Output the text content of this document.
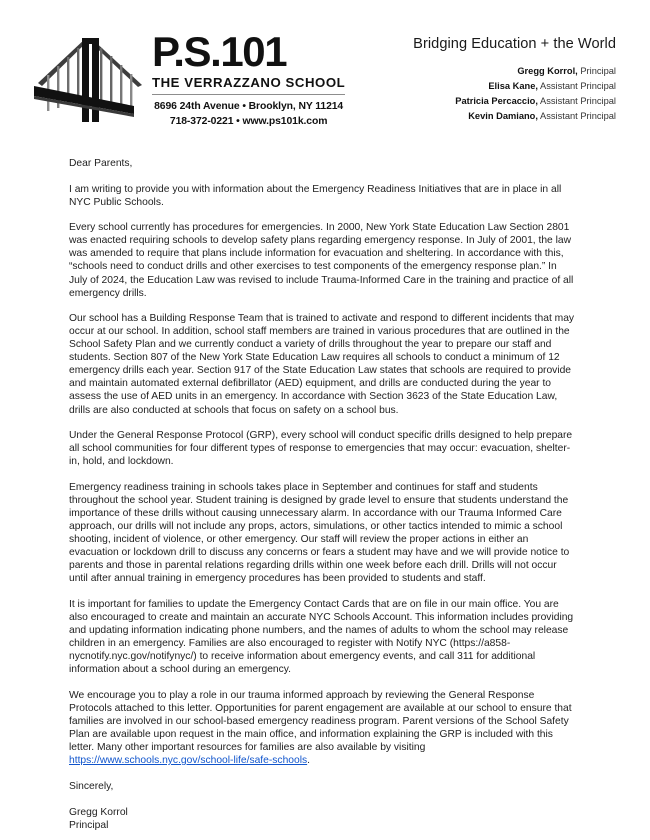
P.S.101
THE VERRAZZANO SCHOOL
8696 24th Avenue • Brooklyn, NY 11214
718-372-0221 • www.ps101k.com
Bridging Education + the World
Gregg Korrol, Principal
Elisa Kane, Assistant Principal
Patricia Percaccio, Assistant Principal
Kevin Damiano, Assistant Principal

Dear Parents,

I am writing to provide you with information about the Emergency Readiness Initiatives that are in place in all NYC Public Schools.

Every school currently has procedures for emergencies. In 2000, New York State Education Law Section 2801 was enacted requiring schools to develop safety plans regarding emergency response. In July of 2001, the law was amended to require that plans include information for evacuation and sheltering. In accordance with this, “schools need to conduct drills and other exercises to test components of the emergency response plan.” In July of 2024, the Education Law was revised to include Trauma-Informed Care in the training and practice of all emergency drills.

Our school has a Building Response Team that is trained to activate and respond to different incidents that may occur at our school. In addition, school staff members are trained in various procedures that are outlined in the School Safety Plan and we currently conduct a variety of drills throughout the year to prepare our staff and students. Section 807 of the New York State Education Law requires all schools to conduct a minimum of 12 emergency drills each year. Section 917 of the State Education Law states that schools are required to provide and maintain automated external defibrillator (AED) equipment, and drills are conducted during the year to assess the use of AED units in an emergency. In accordance with Section 3623 of the State Education Law, drills are also conducted at schools that focus on safety on a school bus.

Under the General Response Protocol (GRP), every school will conduct specific drills designed to help prepare all school communities for four different types of response to emergencies that may occur: evacuation, shelter-in, hold, and lockdown.

Emergency readiness training in schools takes place in September and continues for staff and students throughout the school year. Student training is designed by grade level to ensure that students understand the importance of these drills without causing unnecessary alarm. In accordance with our Trauma Informed Care approach, our drills will not include any props, actors, simulations, or other tactics intended to mimic a school shooting, incident of violence, or other emergency. Our staff will review the proper actions in either an evacuation or lockdown drill to discuss any concerns or fears a student may have and we will provide notice to parents and those in parental relations regarding drills within one week before each drill. Drills will not occur until after annual training in emergency procedures has been provided to students and staff.

It is important for families to update the Emergency Contact Cards that are on file in our main office. You are also encouraged to create and maintain an accurate NYC Schools Account. This information includes providing and updating information indicating phone numbers, and the names of adults to whom the school may release children in an emergency. Families are also encouraged to register with Notify NYC (https://a858-nycnotify.nyc.gov/notifynyc/) to receive information about emergency events, and call 311 for additional information about a school during an emergency.

We encourage you to play a role in our trauma informed approach by reviewing the General Response Protocols attached to this letter. Opportunities for parent engagement are available at our school to ensure that families are involved in our school-based emergency readiness program. Parent versions of the School Safety Plan are available upon request in the main office, and information explaining the GRP is included with this letter. Many other important resources for families are also available by visiting https://www.schools.nyc.gov/school-life/safe-schools.

Sincerely,

Gregg Korrol

Principal
